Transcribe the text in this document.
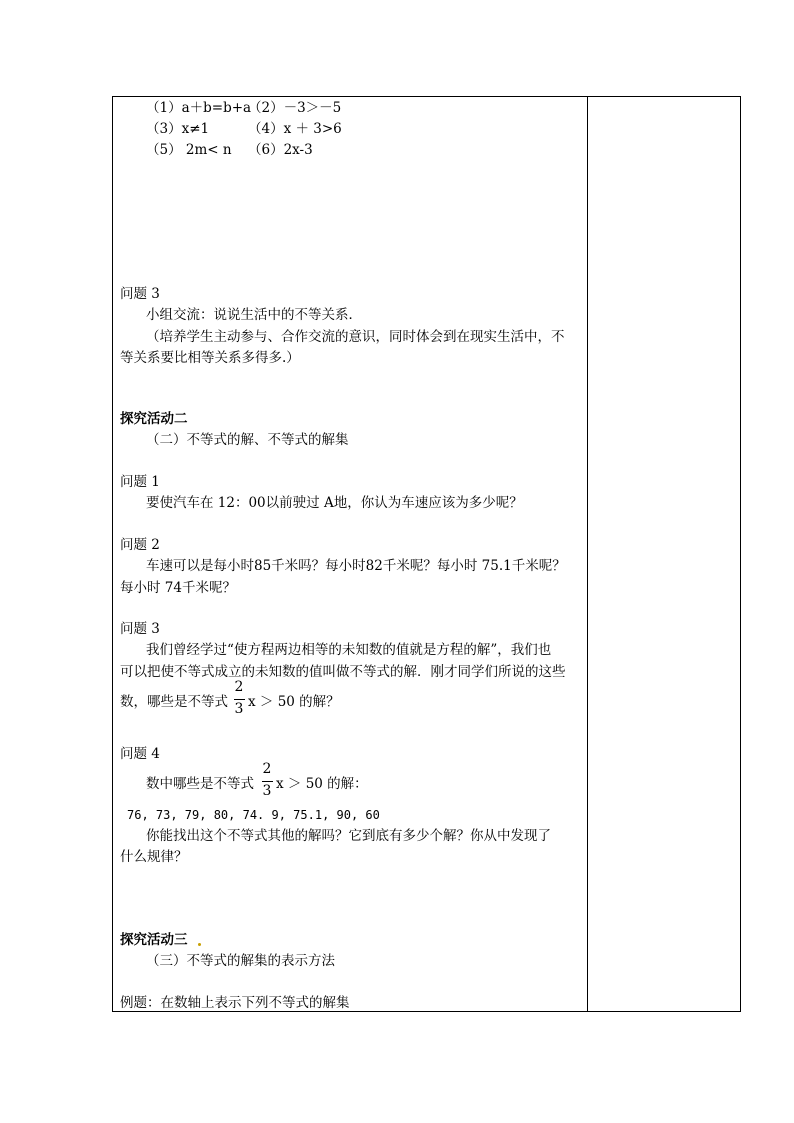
（1）a＋b=b+a
（2）－3＞－5
（3）x≠1	（4）x ＋ 3>6
（5） 2m< n （6）2x-3
问题 3
小组交流：说说生活中的不等关系．
（培养学生主动参与、合作交流的意识，同时体会到在现实生活中，不
等关系要比相等关系多得多.）
探究活动二
（二）不等式的解、不等式的解集
问题 1
要使汽车在 12：00以前驶过 A地，你认为车速应该为多少呢？
问题 2
车速可以是每小时85千米吗？每小时82千米呢？每小时 75.1千米呢？
每小时 74千米呢？
问题 3
我们曾经学过“使方程两边相等的未知数的值就是方程的解”，我们也
可以把使不等式成立的未知数的值叫做不等式的解．刚才同学们所说的这些
数，哪些是不等式
2
3 x ＞ 50 的解？
问题 4
数中哪些是不等式
2
3 x ＞ 50 的解：
76, 73, 79, 80, 74. 9, 75.1, 90, 60
你能找出这个不等式其他的解吗？它到底有多少个解？你从中发现了
什么规律？
探究活动三
（三）不等式的解集的表示方法
例题：在数轴上表示下列不等式的解集
